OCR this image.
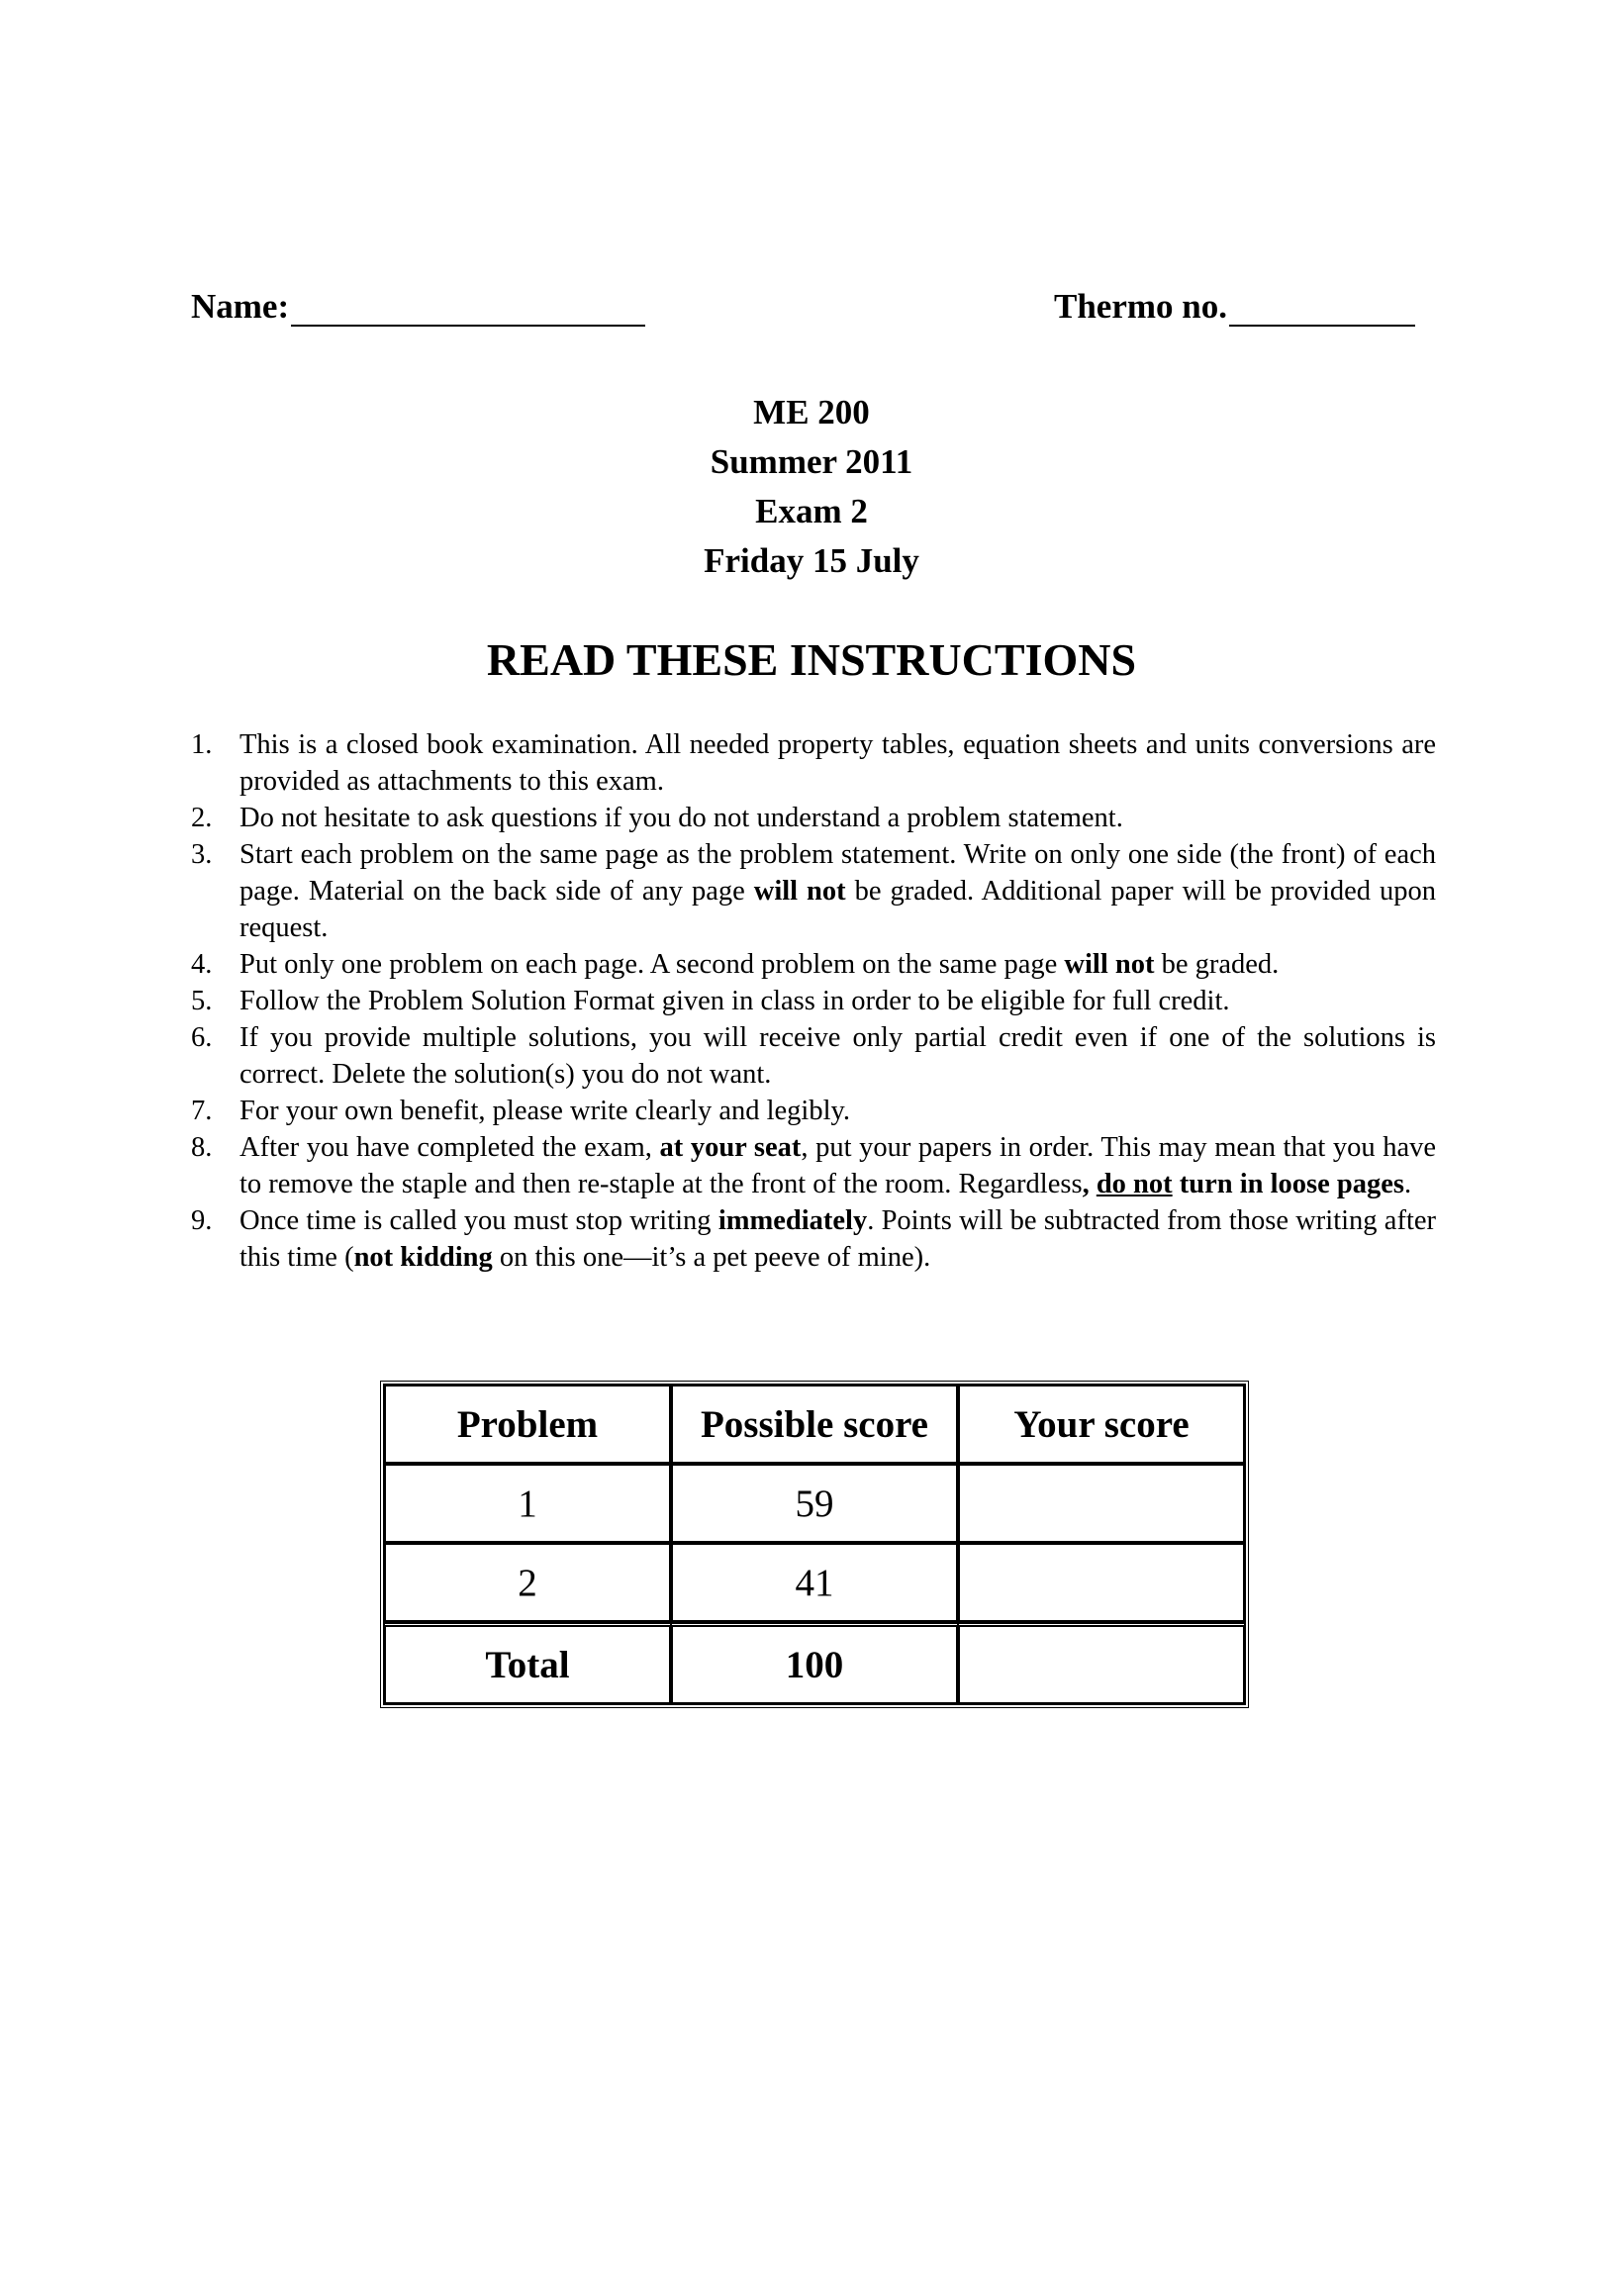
Name:	Thermo no.
ME 200
Summer 2011
Exam 2
Friday 15 July
READ THESE INSTRUCTIONS
1. This is a closed book examination. All needed property tables, equation sheets and units conversions are provided as attachments to this exam.
2. Do not hesitate to ask questions if you do not understand a problem statement.
3. Start each problem on the same page as the problem statement. Write on only one side (the front) of each page. Material on the back side of any page will not be graded. Additional paper will be provided upon request.
4. Put only one problem on each page. A second problem on the same page will not be graded.
5. Follow the Problem Solution Format given in class in order to be eligible for full credit.
6. If you provide multiple solutions, you will receive only partial credit even if one of the solutions is correct. Delete the solution(s) you do not want.
7. For your own benefit, please write clearly and legibly.
8. After you have completed the exam, at your seat, put your papers in order. This may mean that you have to remove the staple and then re-staple at the front of the room. Regardless, do not turn in loose pages.
9. Once time is called you must stop writing immediately. Points will be subtracted from those writing after this time (not kidding on this one—it’s a pet peeve of mine).
Problem	Possible score	Your score
1	59	
2	41	
Total	100	
